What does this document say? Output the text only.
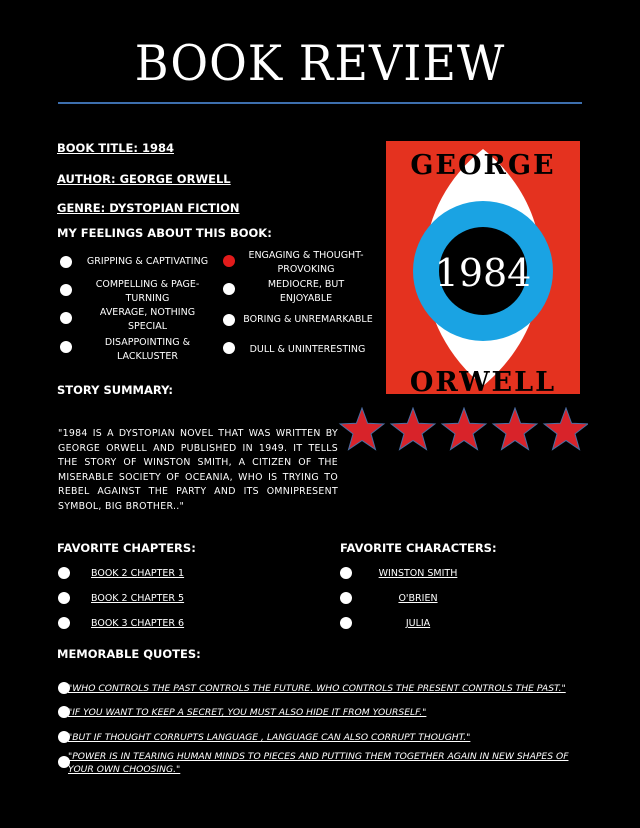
BOOK REVIEW
BOOK TITLE: 1984
AUTHOR: GEORGE ORWELL
GENRE: DYSTOPIAN FICTION
MY FEELINGS ABOUT THIS BOOK:
GRIPPING & CAPTIVATING
COMPELLING & PAGE-TURNING
AVERAGE, NOTHING SPECIAL
DISAPPOINTING & LACKLUSTER
ENGAGING & THOUGHT-PROVOKING
MEDIOCRE, BUT ENJOYABLE
BORING & UNREMARKABLE
DULL & UNINTERESTING
GEORGE
1984
ORWELL
STORY SUMMARY:
"1984 IS A DYSTOPIAN NOVEL THAT WAS WRITTEN BY GEORGE ORWELL AND PUBLISHED IN 1949. IT TELLS THE STORY OF WINSTON SMITH, A CITIZEN OF THE MISERABLE SOCIETY OF OCEANIA, WHO IS TRYING TO REBEL AGAINST THE PARTY AND ITS OMNIPRESENT SYMBOL, BIG BROTHER.."
FAVORITE CHAPTERS:	FAVORITE CHARACTERS:
BOOK 2 CHAPTER 1
BOOK 2 CHAPTER 5
BOOK 3 CHAPTER 6
WINSTON SMITH
O'BRIEN
JULIA
MEMORABLE QUOTES:
"WHO CONTROLS THE PAST CONTROLS THE FUTURE. WHO CONTROLS THE PRESENT CONTROLS THE PAST."
"IF YOU WANT TO KEEP A SECRET, YOU MUST ALSO HIDE IT FROM YOURSELF."
"BUT IF THOUGHT CORRUPTS LANGUAGE , LANGUAGE CAN ALSO CORRUPT THOUGHT."
"POWER IS IN TEARING HUMAN MINDS TO PIECES AND PUTTING THEM TOGETHER AGAIN IN NEW SHAPES OF YOUR OWN CHOOSING."
